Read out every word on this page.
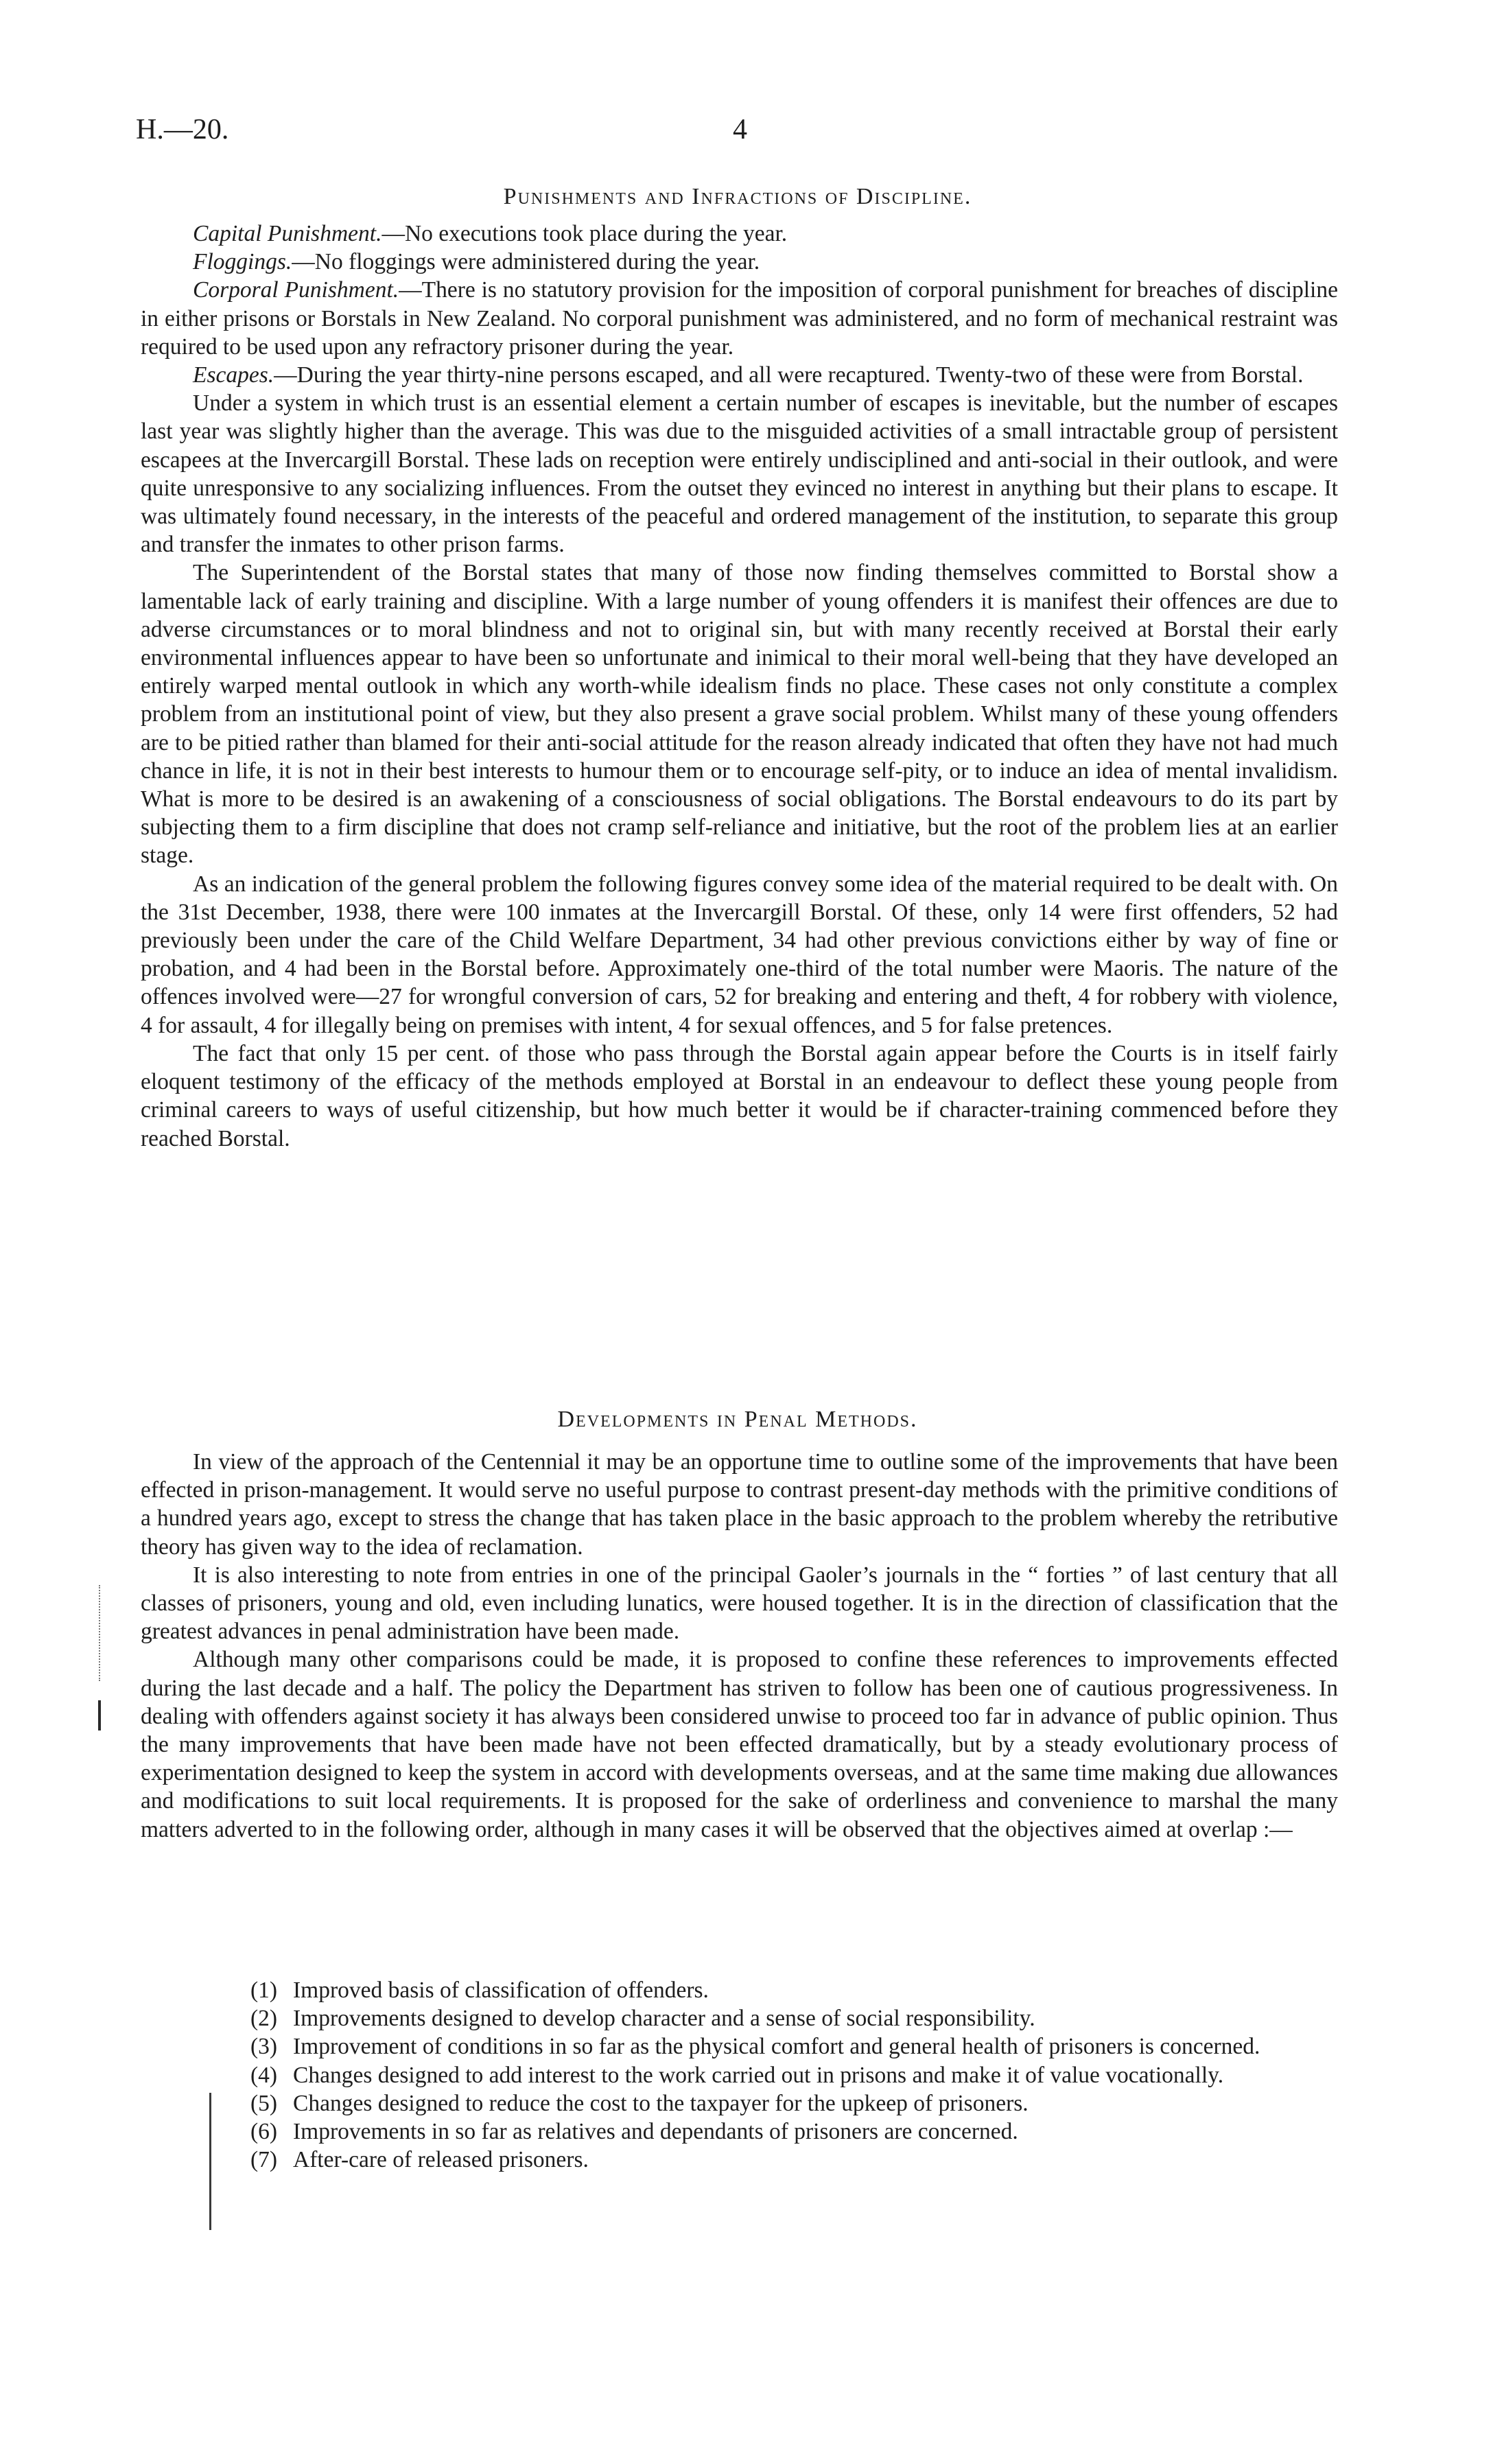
H.—20.	4
Punishments and Infractions of Discipline.

Capital Punishment.—No executions took place during the year.

Floggings.—No floggings were administered during the year.

Corporal Punishment.—There is no statutory provision for the imposition of corporal punishment for breaches of discipline in either prisons or Borstals in New Zealand. No corporal punishment was administered, and no form of mechanical restraint was required to be used upon any refractory prisoner during the year.

Escapes.—During the year thirty-nine persons escaped, and all were recaptured. Twenty-two of these were from Borstal.

Under a system in which trust is an essential element a certain number of escapes is inevitable, but the number of escapes last year was slightly higher than the average. This was due to the misguided activities of a small intractable group of persistent escapees at the Invercargill Borstal. These lads on reception were entirely undisciplined and anti-social in their outlook, and were quite unresponsive to any socializing influences. From the outset they evinced no interest in anything but their plans to escape. It was ultimately found necessary, in the interests of the peaceful and ordered management of the institution, to separate this group and transfer the inmates to other prison farms.

The Superintendent of the Borstal states that many of those now finding themselves committed to Borstal show a lamentable lack of early training and discipline. With a large number of young offenders it is manifest their offences are due to adverse circumstances or to moral blindness and not to original sin, but with many recently received at Borstal their early environmental influences appear to have been so unfortunate and inimical to their moral well-being that they have developed an entirely warped mental outlook in which any worth-while idealism finds no place. These cases not only constitute a complex problem from an institutional point of view, but they also present a grave social problem. Whilst many of these young offenders are to be pitied rather than blamed for their anti-social attitude for the reason already indicated that often they have not had much chance in life, it is not in their best interests to humour them or to encourage self-pity, or to induce an idea of mental invalidism. What is more to be desired is an awakening of a consciousness of social obligations. The Borstal endeavours to do its part by subjecting them to a firm discipline that does not cramp self-reliance and initiative, but the root of the problem lies at an earlier stage.

As an indication of the general problem the following figures convey some idea of the material required to be dealt with. On the 31st December, 1938, there were 100 inmates at the Invercargill Borstal. Of these, only 14 were first offenders, 52 had previously been under the care of the Child Welfare Department, 34 had other previous convictions either by way of fine or probation, and 4 had been in the Borstal before. Approximately one-third of the total number were Maoris. The nature of the offences involved were—27 for wrongful conversion of cars, 52 for breaking and entering and theft, 4 for robbery with violence, 4 for assault, 4 for illegally being on premises with intent, 4 for sexual offences, and 5 for false pretences.

The fact that only 15 per cent. of those who pass through the Borstal again appear before the Courts is in itself fairly eloquent testimony of the efficacy of the methods employed at Borstal in an endeavour to deflect these young people from criminal careers to ways of useful citizenship, but how much better it would be if character-training commenced before they reached Borstal.

Developments in Penal Methods.

In view of the approach of the Centennial it may be an opportune time to outline some of the improvements that have been effected in prison-management. It would serve no useful purpose to contrast present-day methods with the primitive conditions of a hundred years ago, except to stress the change that has taken place in the basic approach to the problem whereby the retributive theory has given way to the idea of reclamation.

It is also interesting to note from entries in one of the principal Gaoler’s journals in the “ forties ” of last century that all classes of prisoners, young and old, even including lunatics, were housed together. It is in the direction of classification that the greatest advances in penal administration have been made.

Although many other comparisons could be made, it is proposed to confine these references to improvements effected during the last decade and a half. The policy the Department has striven to follow has been one of cautious progressiveness. In dealing with offenders against society it has always been considered unwise to proceed too far in advance of public opinion. Thus the many improvements that have been made have not been effected dramatically, but by a steady evolutionary process of experimentation designed to keep the system in accord with developments overseas, and at the same time making due allowances and modifications to suit local requirements. It is proposed for the sake of orderliness and convenience to marshal the many matters adverted to in the following order, although in many cases it will be observed that the objectives aimed at overlap :—

(1) Improved basis of classification of offenders.
(2) Improvements designed to develop character and a sense of social responsibility.
(3) Improvement of conditions in so far as the physical comfort and general health of prisoners is concerned.
(4) Changes designed to add interest to the work carried out in prisons and make it of value vocationally.
(5) Changes designed to reduce the cost to the taxpayer for the upkeep of prisoners.
(6) Improvements in so far as relatives and dependants of prisoners are concerned.
(7) After-care of released prisoners.
